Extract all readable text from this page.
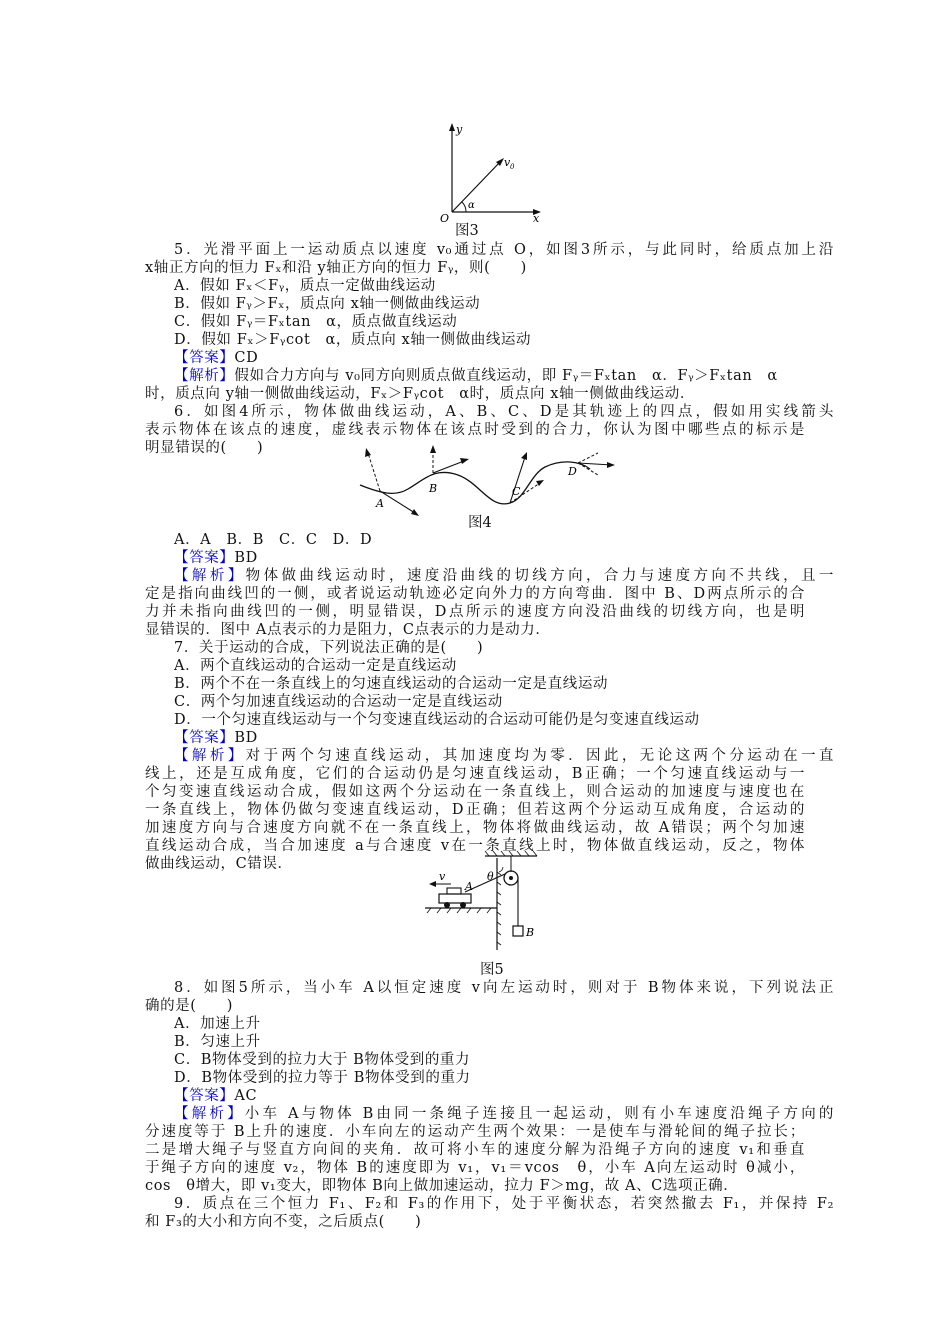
y
x
O
v 0
α
图3
5．光滑平面上一运动质点以速度 v₀通过点 O，如图3所示，与此同时，给质点加上沿
x轴正方向的恒力 Fₓ和沿 y轴正方向的恒力 Fᵧ，则(　　)
A．假如 Fₓ＜Fᵧ，质点一定做曲线运动
B．假如 Fᵧ＞Fₓ，质点向 x轴一侧做曲线运动
C．假如 Fᵧ＝Fₓtan　α，质点做直线运动
D．假如 Fₓ＞Fᵧcot　α，质点向 x轴一侧做曲线运动
【答案】CD
【解析】假如合力方向与 v₀同方向则质点做直线运动，即 Fᵧ＝Fₓtan　α．Fᵧ＞Fₓtan　α
时，质点向 y轴一侧做曲线运动，Fₓ＞Fᵧcot　α时，质点向 x轴一侧做曲线运动．
6．如图4所示，物体做曲线运动，A、B、C、D是其轨迹上的四点，假如用实线箭头
表示物体在该点的速度，虚线表示物体在该点时受到的合力，你认为图中哪些点的标示是
明显错误的(　　)
A
B	C
D
图4
A．A　B．B　C．C　D．D
【答案】BD
【解析】物体做曲线运动时，速度沿曲线的切线方向，合力与速度方向不共线，且一
定是指向曲线凹的一侧，或者说运动轨迹必定向外力的方向弯曲．图中 B、D两点所示的合
力并未指向曲线凹的一侧，明显错误，D点所示的速度方向没沿曲线的切线方向，也是明
显错误的．图中 A点表示的力是阻力，C点表示的力是动力．
7．关于运动的合成，下列说法正确的是(　　)
A．两个直线运动的合运动一定是直线运动
B．两个不在一条直线上的匀速直线运动的合运动一定是直线运动
C．两个匀加速直线运动的合运动一定是直线运动
D．一个匀速直线运动与一个匀变速直线运动的合运动可能仍是匀变速直线运动
【答案】BD
【解析】对于两个匀速直线运动，其加速度均为零．因此，无论这两个分运动在一直
线上，还是互成角度，它们的合运动仍是匀速直线运动，B正确；一个匀速直线运动与一
个匀变速直线运动合成，假如这两个分运动在一条直线上，则合运动的加速度与速度也在
一条直线上，物体仍做匀变速直线运动，D正确；但若这两个分运动互成角度，合运动的
加速度方向与合速度方向就不在一条直线上，物体将做曲线运动，故 A错误；两个匀加速
直线运动合成，当合加速度 a与合速度 v在一条直线上时，物体做直线运动，反之，物体
做曲线运动，C错误．
v	θ
A
B
图5
8．如图5所示，当小车 A以恒定速度 v向左运动时，则对于 B物体来说，下列说法正
确的是(　　)
A．加速上升
B．匀速上升
C．B物体受到的拉力大于 B物体受到的重力
D．B物体受到的拉力等于 B物体受到的重力
【答案】AC
【解析】小车 A与物体 B由同一条绳子连接且一起运动，则有小车速度沿绳子方向的
分速度等于 B上升的速度．小车向左的运动产生两个效果：一是使车与滑轮间的绳子拉长；
二是增大绳子与竖直方向间的夹角．故可将小车的速度分解为沿绳子方向的速度 v₁和垂直
于绳子方向的速度 v₂，物体 B的速度即为 v₁，v₁＝vcos　θ，小车 A向左运动时 θ减小，
cos　θ增大，即 v₁变大，即物体 B向上做加速运动，拉力 F＞mg，故 A、C选项正确．
9．质点在三个恒力 F₁、F₂和 F₃的作用下，处于平衡状态，若突然撤去 F₁，并保持 F₂
和 F₃的大小和方向不变，之后质点(　　)
